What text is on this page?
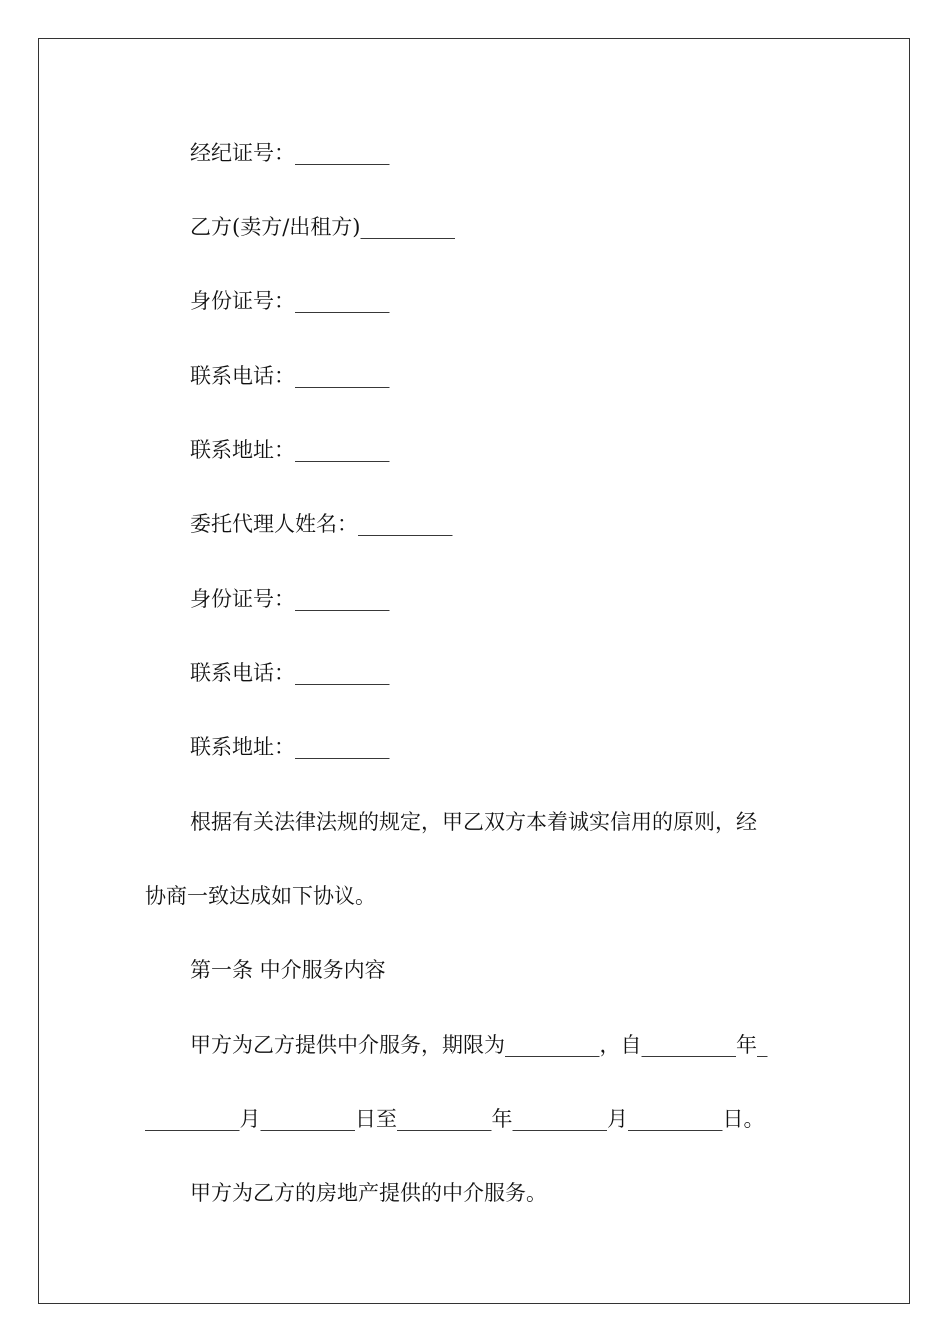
经纪证号：_________
乙方(卖方/出租方)_________
身份证号：_________
联系电话：_________
联系地址：_________
委托代理人姓名：_________
身份证号：_________
联系电话：_________
联系地址：_________
根据有关法律法规的规定，甲乙双方本着诚实信用的原则，经
协商一致达成如下协议。
第一条 中介服务内容
甲方为乙方提供中介服务，期限为_________，自_________年_
_________月_________日至_________年_________月_________日。
甲方为乙方的房地产提供的中介服务。
